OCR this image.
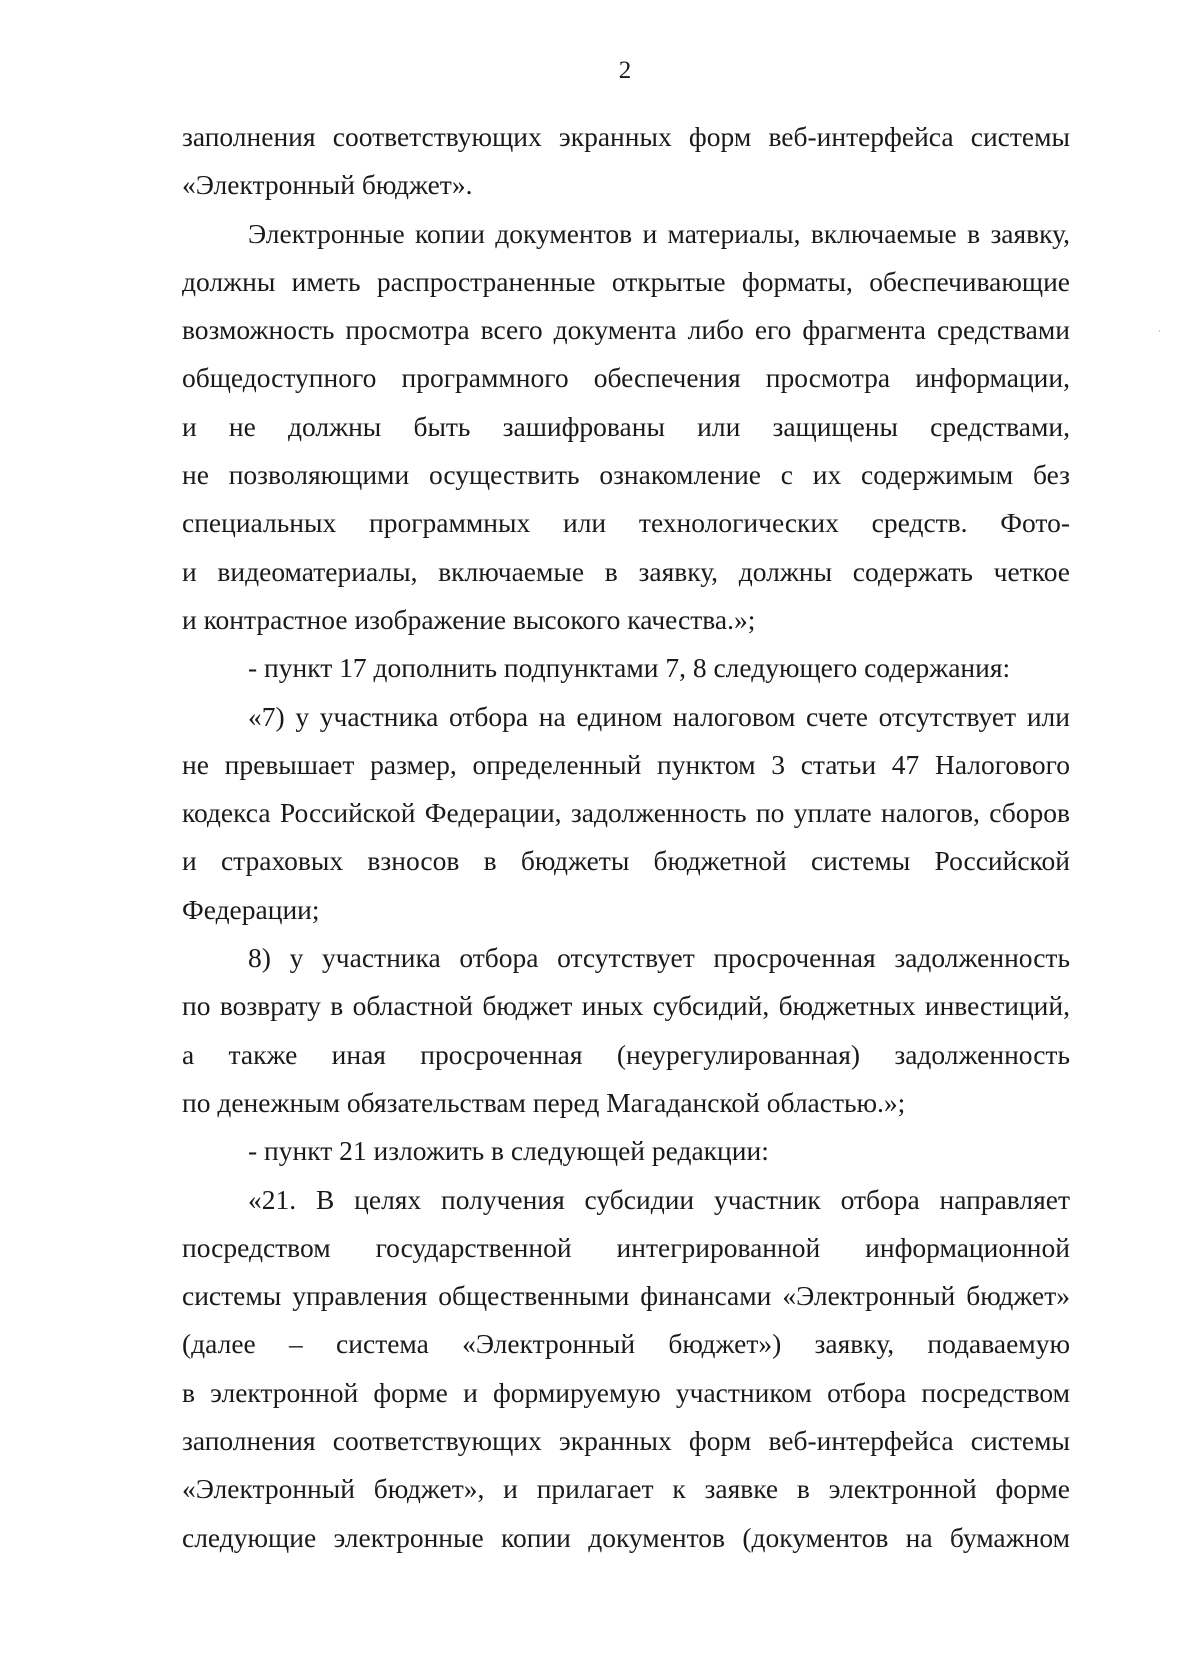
2
заполнения соответствующих экранных форм веб-интерфейса системы
«Электронный бюджет».
Электронные копии документов и материалы, включаемые в заявку,
должны иметь распространенные открытые форматы, обеспечивающие
возможность просмотра всего документа либо его фрагмента средствами
общедоступного программного обеспечения просмотра информации,
и не должны быть зашифрованы или защищены средствами,
не позволяющими осуществить ознакомление с их содержимым без
специальных программных или технологических средств. Фото-
и видеоматериалы, включаемые в заявку, должны содержать четкое
и контрастное изображение высокого качества.»;
- пункт 17 дополнить подпунктами 7, 8 следующего содержания:
«7) у участника отбора на едином налоговом счете отсутствует или
не превышает размер, определенный пунктом 3 статьи 47 Налогового
кодекса Российской Федерации, задолженность по уплате налогов, сборов
и страховых взносов в бюджеты бюджетной системы Российской
Федерации;
8) у участника отбора отсутствует просроченная задолженность
по возврату в областной бюджет иных субсидий, бюджетных инвестиций,
а также иная просроченная (неурегулированная) задолженность
по денежным обязательствам перед Магаданской областью.»;
- пункт 21 изложить в следующей редакции:
«21. В целях получения субсидии участник отбора направляет
посредством государственной интегрированной информационной
системы управления общественными финансами «Электронный бюджет»
(далее – система «Электронный бюджет») заявку, подаваемую
в электронной форме и формируемую участником отбора посредством
заполнения соответствующих экранных форм веб-интерфейса системы
«Электронный бюджет», и прилагает к заявке в электронной форме
следующие электронные копии документов (документов на бумажном
